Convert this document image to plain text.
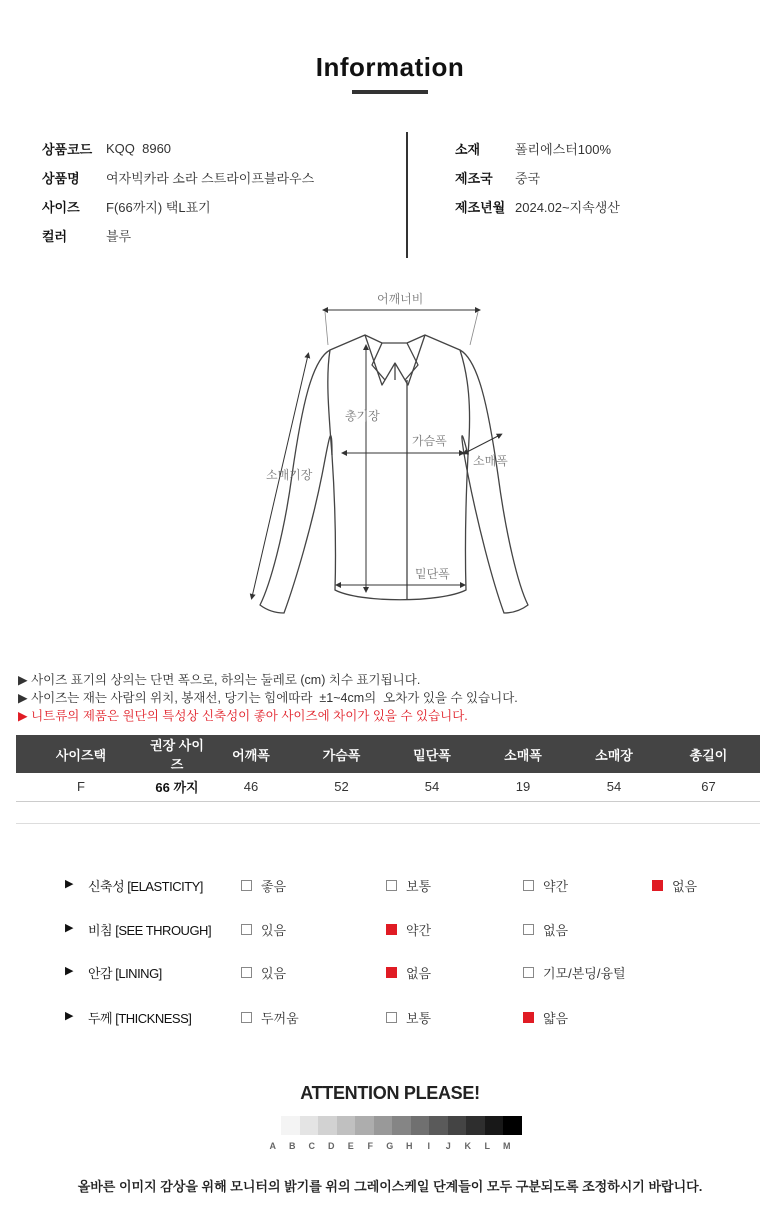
Information
상품코드	KQQ  8960
상품명	여자빅카라 소라 스트라이프블라우스
사이즈	F(66까지) 택L표기
컬러	블루
소재	폴리에스터100%
제조국	중국
제조년월 2024.02~지속생산
어깨너비
총기장
가슴폭
소매폭
소매기장
밑단폭
▶ 사이즈 표기의 상의는 단면 폭으로, 하의는 둘레로 (cm) 치수 표기됩니다.
▶ 사이즈는 재는 사람의 위치, 봉재선, 당기는 힘에따라  ±1~4cm의  오차가 있을 수 있습니다.
▶ 니트류의 제품은 원단의 특성상 신축성이 좋아 사이즈에 차이가 있을 수 있습니다.
사이즈택	권장 사이즈	어깨폭	가슴폭	밑단폭	소매폭	소매장	총길이
F	66 까지	46	52	54	19	54	67
▶ 신축성 [ELASTICITY]	좋음	보통	약간	없음
▶ 비침 [SEE THROUGH]	있음	약간	없음
▶ 안감 [LINING]	있음	없음	기모/본딩/융털
▶ 두께 [THICKNESS]	두꺼움	보통	얇음
ATTENTION PLEASE!
A	B	C	D	E	F	G	H	I	J	K	L	M
올바른 이미지 감상을 위해 모니터의 밝기를 위의 그레이스케일 단계들이 모두 구분되도록 조정하시기 바랍니다.
